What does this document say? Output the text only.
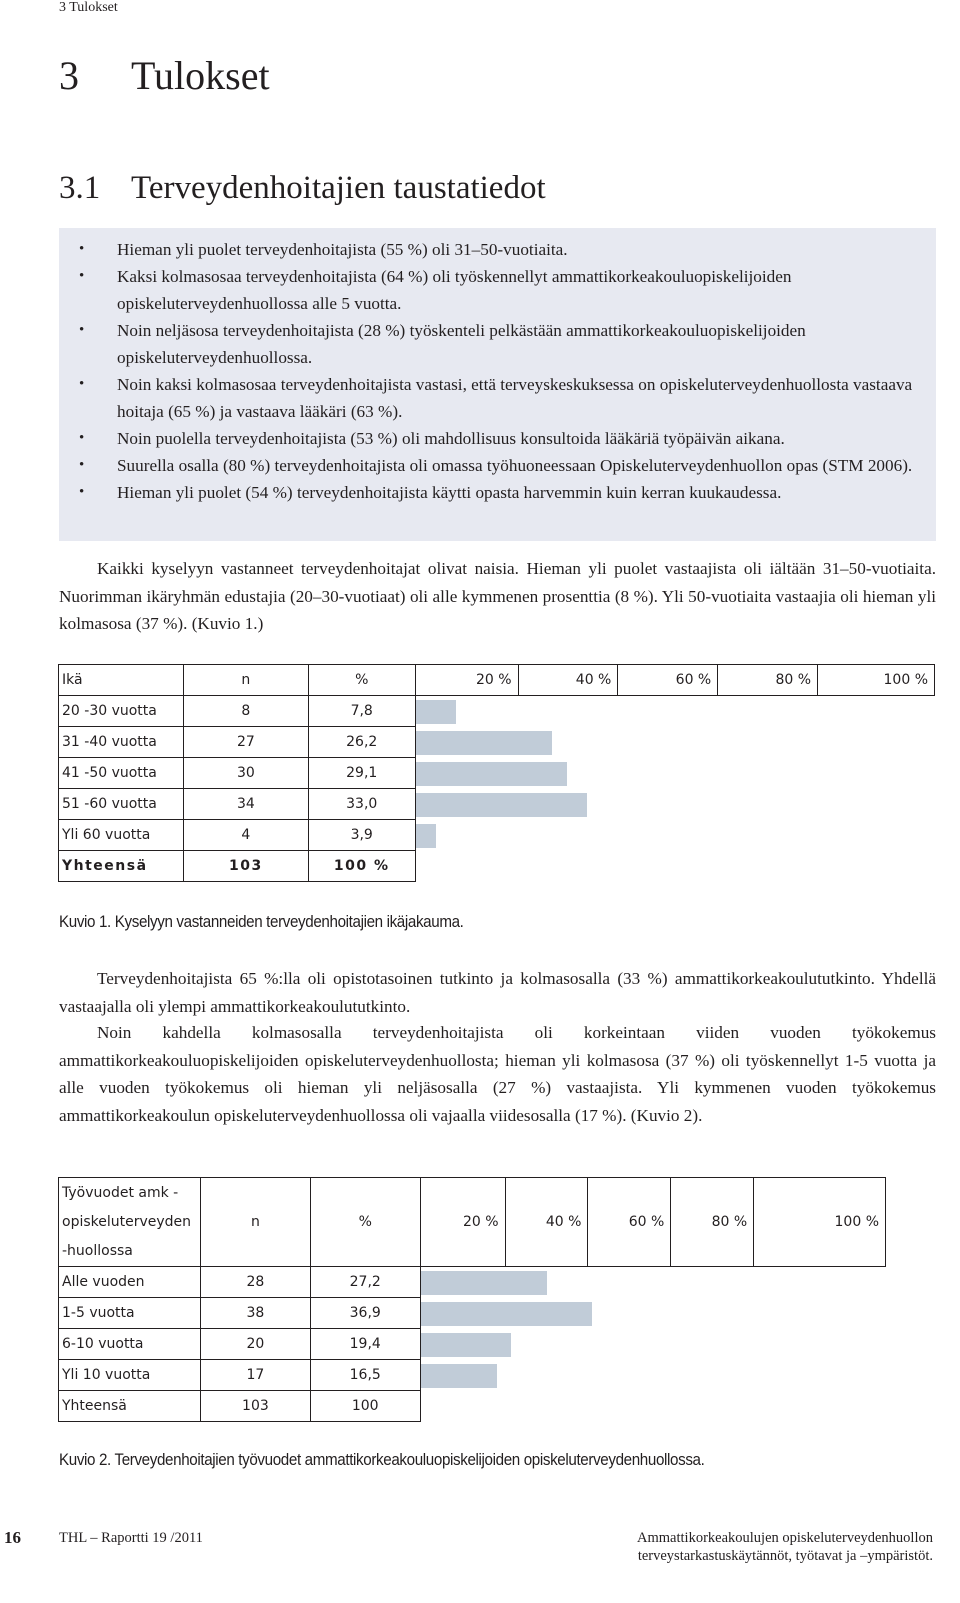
3 Tulokset
3 Tulokset
3.1 Terveydenhoitajien taustatiedot
• Hieman yli puolet terveydenhoitajista (55 %) oli 31–50-vuotiaita.
• Kaksi kolmasosaa terveydenhoitajista (64 %) oli työskennellyt ammattikorkeakouluopiskelijoiden opiskeluterveydenhuollossa alle 5 vuotta.
• Noin neljäsosa terveydenhoitajista (28 %) työskenteli pelkästään ammattikorkeakouluopiskelijoiden opiskeluterveydenhuollossa.
• Noin kaksi kolmasosaa terveydenhoitajista vastasi, että terveyskeskuksessa on opiskeluterveydenhuollosta vastaava hoitaja (65 %) ja vastaava lääkäri (63 %).
• Noin puolella terveydenhoitajista (53 %) oli mahdollisuus konsultoida lääkäriä työpäivän aikana.
• Suurella osalla (80 %) terveydenhoitajista oli omassa työhuoneessaan Opiskeluterveydenhuollon opas (STM 2006).
• Hieman yli puolet (54 %) terveydenhoitajista käytti opasta harvemmin kuin kerran kuukaudessa.

Kaikki kyselyyn vastanneet terveydenhoitajat olivat naisia. Hieman yli puolet vastaajista oli iältään 31–50-vuotiaita. Nuorimman ikäryhmän edustajia (20–30-vuotiaat) oli alle kymmenen prosenttia (8 %). Yli 50-vuotiaita vastaajia oli hieman yli kolmasosa (37 %). (Kuvio 1.)

Ikä	n	%	20 %	40 %	60 %	80 %	100 %
20 -30 vuotta	8	7,8					

31 -40 vuotta	27	26,2					

41 -50 vuotta	30	29,1					

51 -60 vuotta	34	33,0					

Yli 60 vuotta	4	3,9					

Yhteensä	103	100 %					
Kuvio 1. Kyselyyn vastanneiden terveydenhoitajien ikäjakauma.

Terveydenhoitajista 65 %:lla oli opistotasoinen tutkinto ja kolmasosalla (33 %) ammattikorkeakoulututkinto. Yhdellä vastaajalla oli ylempi ammattikorkeakoulututkinto.

Noin kahdella kolmasosalla terveydenhoitajista oli korkeintaan viiden vuoden työkokemus ammattikorkeakouluopiskelijoiden opiskeluterveydenhuollosta; hieman yli kolmasosa (37 %) oli työskennellyt 1-5 vuotta ja alle vuoden työkokemus oli hieman yli neljäsosalla (27 %) vastaajista. Yli kymmenen vuoden työkokemus ammattikorkeakoulun opiskeluterveydenhuollossa oli vajaalla viidesosalla (17 %). (Kuvio 2).

Työvuodet amk -opiskeluterveyden -huollossa	n	%	20 %	40 %	60 %	80 %	100 %
Alle vuoden	28	27,2					

1-5 vuotta	38	36,9					

6-10 vuotta	20	19,4					

Yli 10 vuotta	17	16,5					

Yhteensä	103	100					
Kuvio 2. Terveydenhoitajien työvuodet ammattikorkeakouluopiskelijoiden opiskeluterveydenhuollossa.
16	THL – Raportti 19 /2011	Ammattikorkeakoulujen opiskeluterveydenhuollon
terveystarkastuskäytännöt, työtavat ja –ympäristöt.
